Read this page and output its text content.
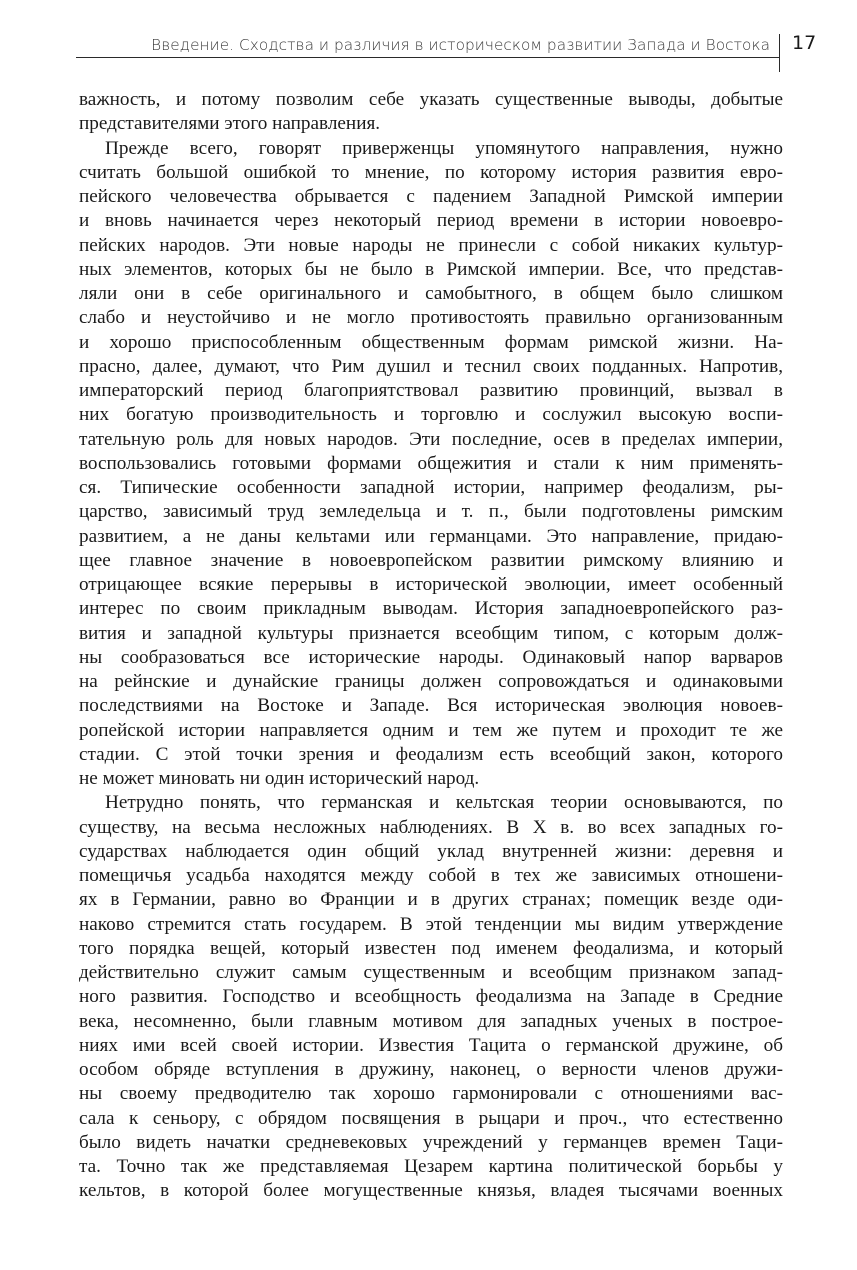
Введение. Сходства и различия в историческом развитии Запада и Востока 17
важность, и потому позволим себе указать существенные выводы, добытые
представителями этого направления.
Прежде всего, говорят приверженцы упомянутого направления, нужно
считать большой ошибкой то мнение, по которому история развития евро-
пейского человечества обрывается с падением Западной Римской империи
и вновь начинается через некоторый период времени в истории новоевро-
пейских народов. Эти новые народы не принесли с собой никаких культур-
ных элементов, которых бы не было в Римской империи. Все, что представ-
ляли они в себе оригинального и самобытного, в общем было слишком
слабо и неустойчиво и не могло противостоять правильно организованным
и хорошо приспособленным общественным формам римской жизни. На-
прасно, далее, думают, что Рим душил и теснил своих подданных. Напротив,
императорский период благоприятствовал развитию провинций, вызвал в
них богатую производительность и торговлю и сослужил высокую воспи-
тательную роль для новых народов. Эти последние, осев в пределах империи,
воспользовались готовыми формами общежития и стали к ним применять-
ся. Типические особенности западной истории, например феодализм, ры-
царство, зависимый труд земледельца и т. п., были подготовлены римским
развитием, а не даны кельтами или германцами. Это направление, придаю-
щее главное значение в новоевропейском развитии римскому влиянию и
отрицающее всякие перерывы в исторической эволюции, имеет особенный
интерес по своим прикладным выводам. История западноевропейского раз-
вития и западной культуры признается всеобщим типом, с которым долж-
ны сообразоваться все исторические народы. Одинаковый напор варваров
на рейнские и дунайские границы должен сопровождаться и одинаковыми
последствиями на Востоке и Западе. Вся историческая эволюция новоев-
ропейской истории направляется одним и тем же путем и проходит те же
стадии. С этой точки зрения и феодализм есть всеобщий закон, которого
не может миновать ни один исторический народ.
Нетрудно понять, что германская и кельтская теории основываются, по
существу, на весьма несложных наблюдениях. В X в. во всех западных го-
сударствах наблюдается один общий уклад внутренней жизни: деревня и
помещичья усадьба находятся между собой в тех же зависимых отношени-
ях в Германии, равно во Франции и в других странах; помещик везде оди-
наково стремится стать государем. В этой тенденции мы видим утверждение
того порядка вещей, который известен под именем феодализма, и который
действительно служит самым существенным и всеобщим признаком запад-
ного развития. Господство и всеобщность феодализма на Западе в Средние
века, несомненно, были главным мотивом для западных ученых в построе-
ниях ими всей своей истории. Известия Тацита о германской дружине, об
особом обряде вступления в дружину, наконец, о верности членов дружи-
ны своему предводителю так хорошо гармонировали с отношениями вас-
сала к сеньору, с обрядом посвящения в рыцари и проч., что естественно
было видеть начатки средневековых учреждений у германцев времен Таци-
та. Точно так же представляемая Цезарем картина политической борьбы у
кельтов, в которой более могущественные князья, владея тысячами военных
